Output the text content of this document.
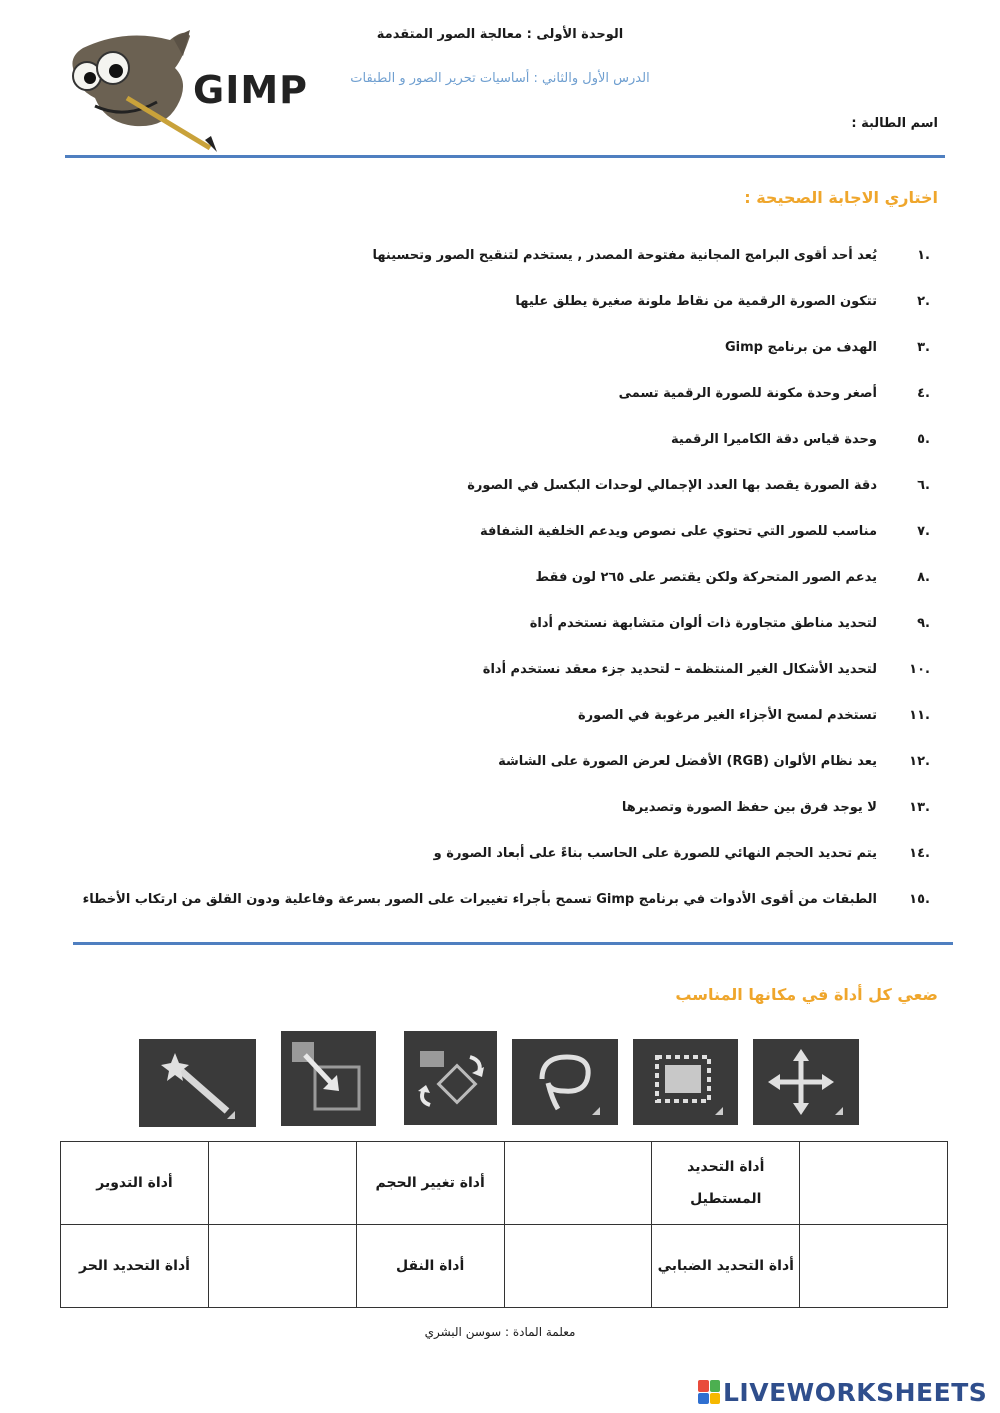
GIMP
الوحدة الأولى : معالجة الصور المتقدمة
الدرس الأول والثاني : أساسيات تحرير الصور و الطبقات
اسم الطالبة :
اختاري الاجابة الصحيحة :
.١
يُعد أحد أقوى البرامج المجانية مفتوحة المصدر , يستخدم لتنقيح الصور وتحسينها
.٢
تتكون الصورة الرقمية من نقاط ملونة صغيرة يطلق عليها
.٣
الهدف من برنامج Gimp
.٤
أصغر وحدة مكونة للصورة الرقمية تسمى
.٥
وحدة قياس دقة الكاميرا الرقمية
.٦
دقة الصورة يقصد بها العدد الإجمالي لوحدات البكسل في الصورة
.٧
مناسب للصور التي تحتوي على نصوص ويدعم الخلفية الشفافة
.٨
يدعم الصور المتحركة ولكن يقتصر على ٢٦٥ لون فقط
.٩
لتحديد مناطق متجاورة ذات ألوان متشابهة نستخدم أداة
.١٠
لتحديد الأشكال الغير المنتظمة – لتحديد جزء معقد نستخدم أداة
.١١
تستخدم لمسح الأجزاء الغير مرغوبة في الصورة
.١٢
يعد نظام الألوان (RGB) الأفضل لعرض الصورة على الشاشة
.١٣
لا يوجد فرق بين حفظ الصورة وتصديرها
.١٤
يتم تحديد الحجم النهائي للصورة على الحاسب بناءً على أبعاد الصورة و
.١٥
الطبقات من أقوى الأدوات في برنامج Gimp تسمح بأجراء تغييرات على الصور بسرعة وفاعلية ودون القلق من ارتكاب الأخطاء
ضعي كل أداة في مكانها المناسب
	أداة التحديد المستطيل		أداة تغيير الحجم		أداة التدوير
	أداة التحديد الضبابي		أداة النقل		أداة التحديد الحر
معلمة المادة : سوسن البشري
LIVEWORKSHEETS
